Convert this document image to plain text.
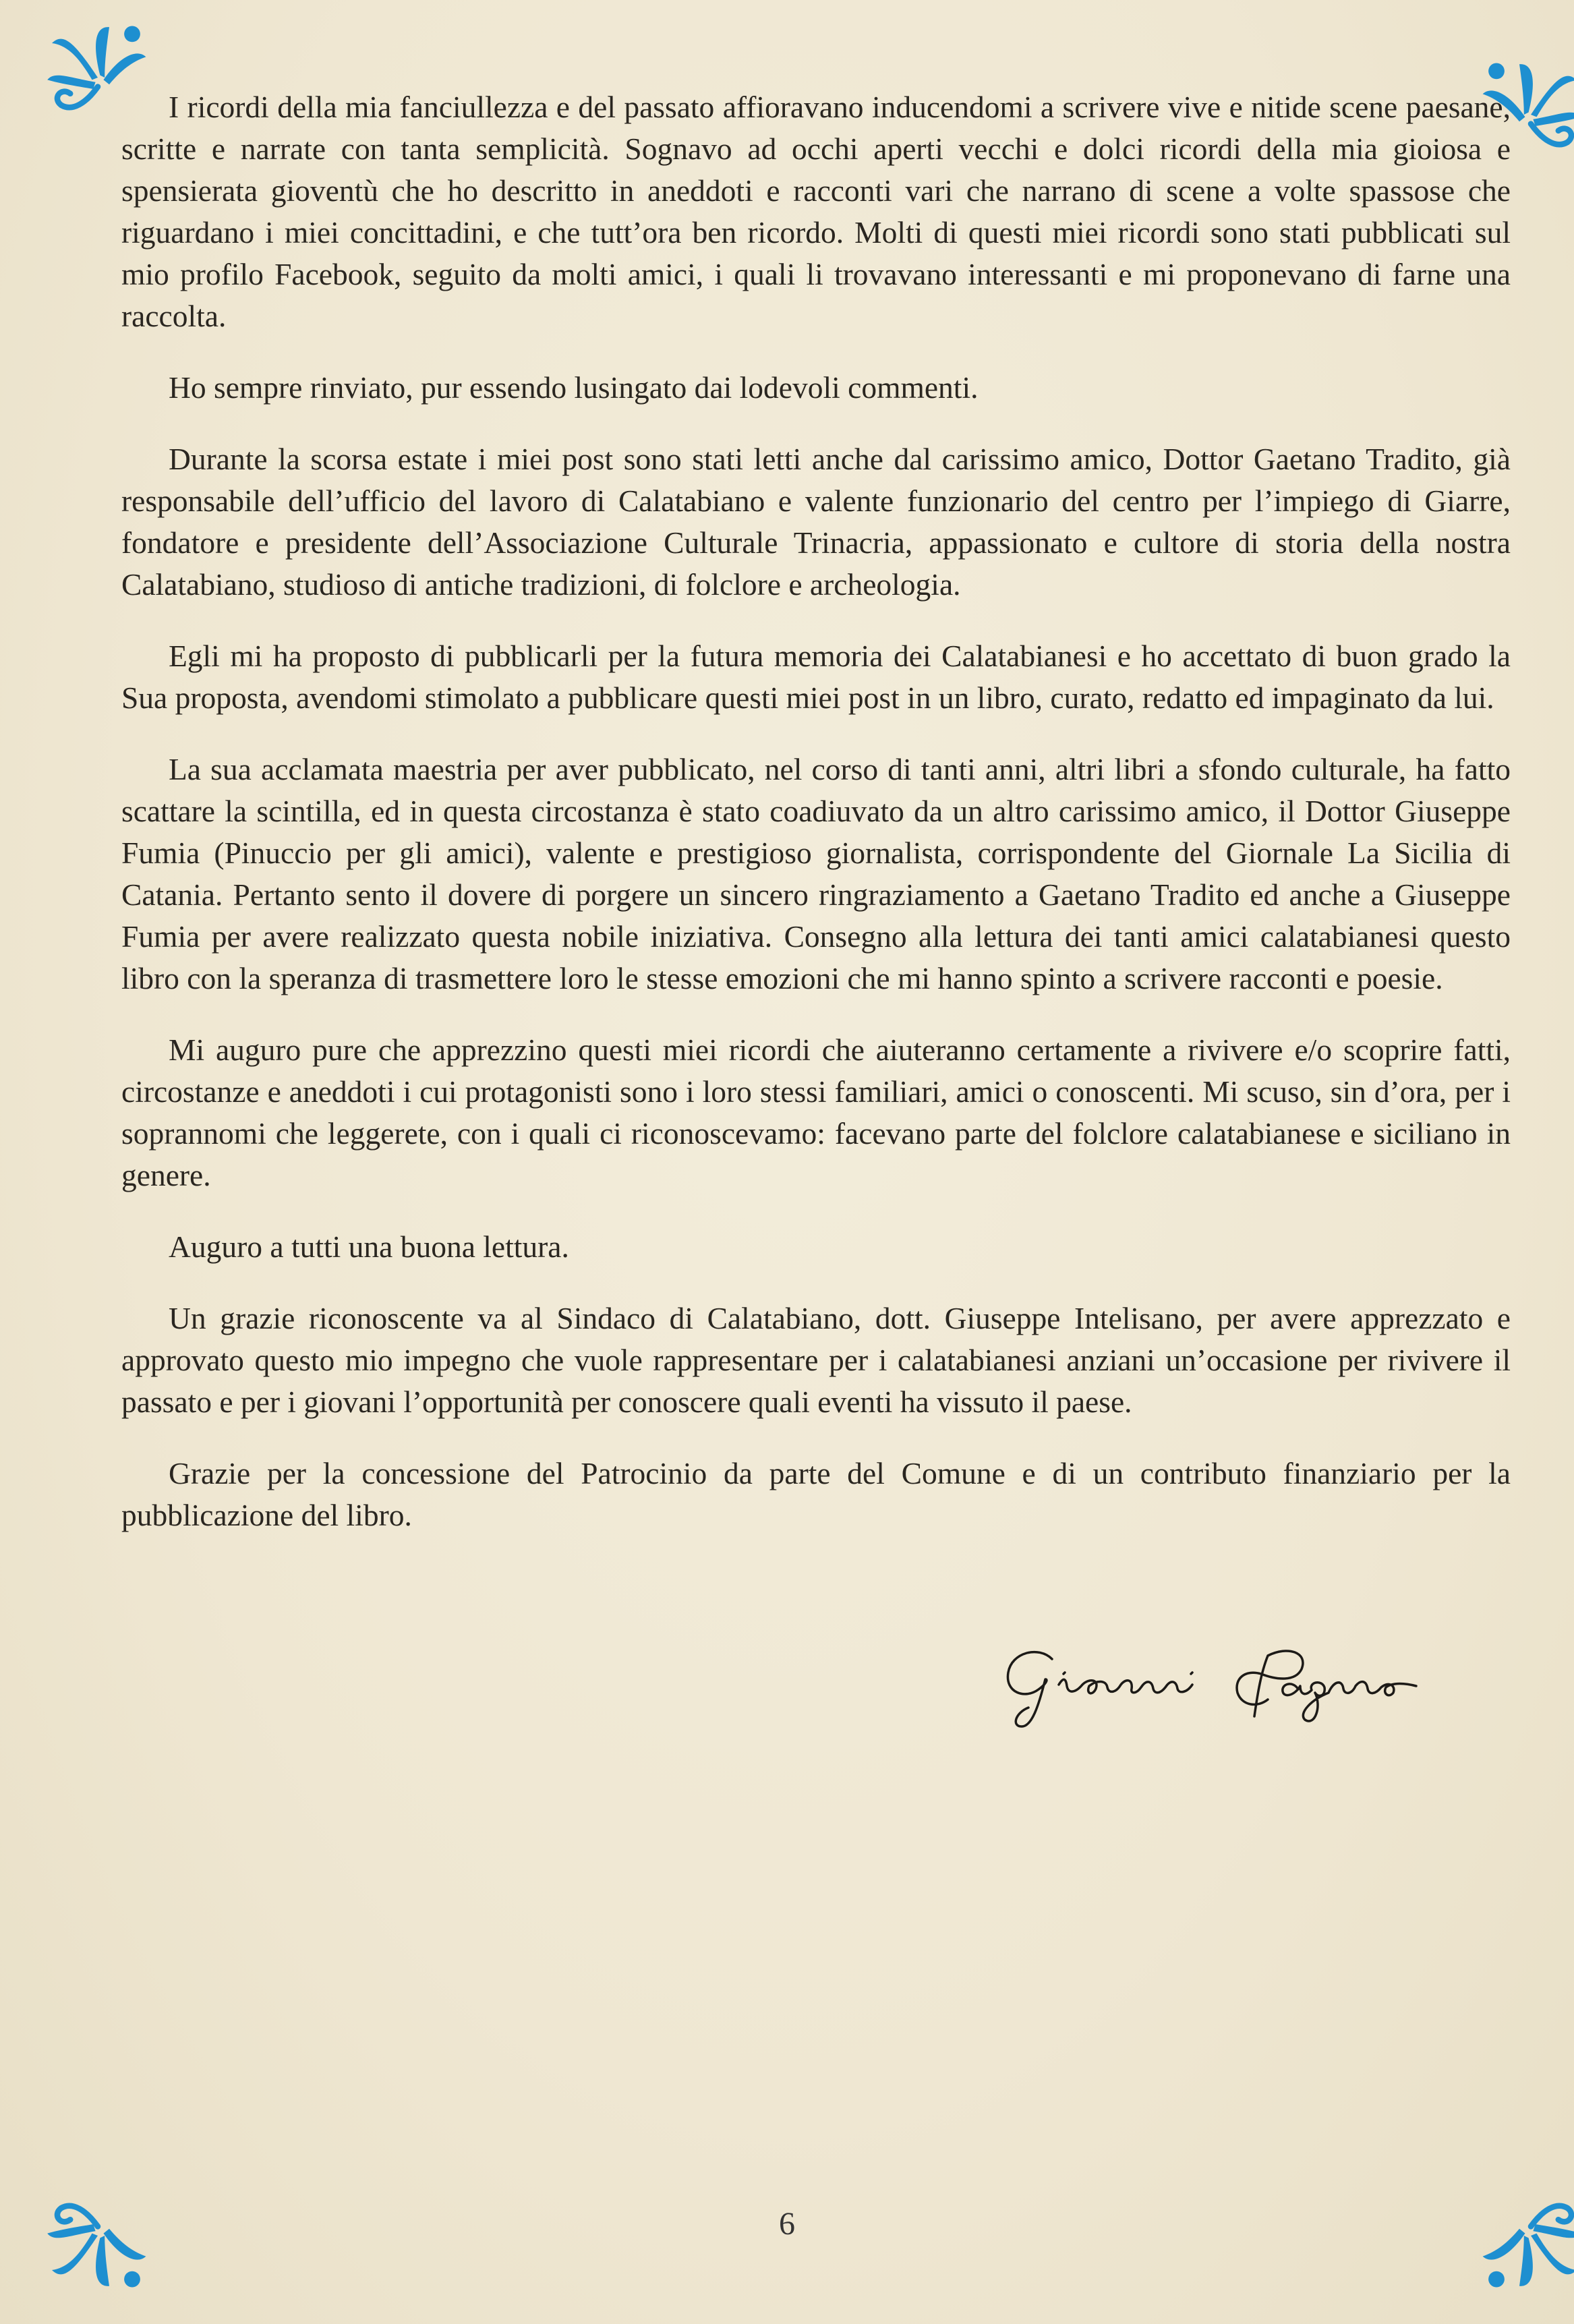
I ricordi della mia fanciullezza e del passato affioravano inducendomi a scrivere vive e nitide scene paesane, scritte e narrate con tanta semplicità. Sognavo ad occhi aperti vecchi e dolci ricordi della mia gioiosa e spensierata gioventù che ho descritto in aneddoti e racconti vari che narrano di scene a volte spassose che riguardano i miei concittadini, e che tutt’ora ben ricordo. Molti di questi miei ricordi sono stati pubblicati sul mio profilo Facebook, seguito da molti amici, i quali li trovavano interessanti e mi proponevano di farne una raccolta.

Ho sempre rinviato, pur essendo lusingato dai lodevoli commenti.

Durante la scorsa estate i miei post sono stati letti anche dal carissimo amico, Dottor Gaetano Tradito, già responsabile dell’ufficio del lavoro di Calatabiano e valente funzionario del centro per l’impiego di Giarre, fondatore e presidente dell’Associazione Culturale Trinacria, appassionato e cultore di storia della nostra Calatabiano, studioso di antiche tradizioni, di folclore e archeologia.

Egli mi ha proposto di pubblicarli per la futura memoria dei Calatabianesi e ho accettato di buon grado la Sua proposta, avendomi stimolato a pubblicare questi miei post in un libro, curato, redatto ed impaginato da lui.

La sua acclamata maestria per aver pubblicato, nel corso di tanti anni, altri libri a sfondo culturale, ha fatto scattare la scintilla, ed in questa circostanza è stato coadiuvato da un altro carissimo amico, il Dottor Giuseppe Fumia (Pinuccio per gli amici), valente e prestigioso giornalista, corrispondente del Giornale La Sicilia di Catania. Pertanto sento il dovere di porgere un sincero ringraziamento a Gaetano Tradito ed anche a Giuseppe Fumia per avere realizzato questa nobile iniziativa. Consegno alla lettura dei tanti amici calatabianesi questo libro con la speranza di trasmettere loro le stesse emozioni che mi hanno spinto a scrivere racconti e poesie.

Mi auguro pure che apprezzino questi miei ricordi che aiuteranno certamente a rivivere e/o scoprire fatti, circostanze e aneddoti i cui protagonisti sono i loro stessi familiari, amici o conoscenti. Mi scuso, sin d’ora, per i soprannomi che leggerete, con i quali ci riconoscevamo: facevano parte del folclore calatabianese e siciliano in genere.

Auguro a tutti una buona lettura.

Un grazie riconoscente va al Sindaco di Calatabiano, dott. Giuseppe Intelisano, per avere apprezzato e approvato questo mio impegno che vuole rappresentare per i calatabianesi anziani un’occasione per rivivere il passato e per i giovani l’opportunità per conoscere quali eventi ha vissuto il paese.

Grazie per la concessione del Patrocinio da parte del Comune e di un contributo finanziario per la pubblicazione del libro.

6
